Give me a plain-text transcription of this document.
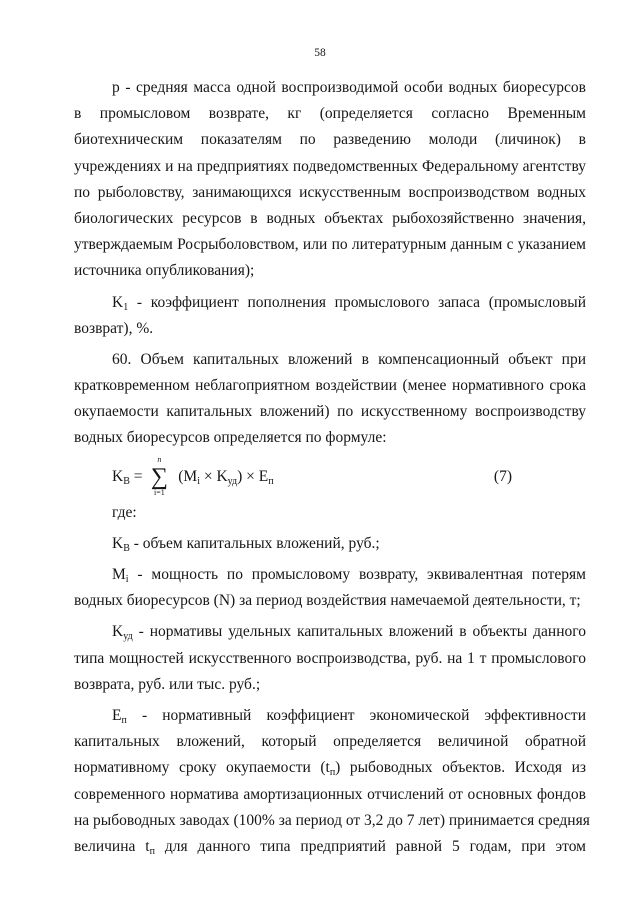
58
р - средняя масса одной воспроизводимой особи водных биоресурсов
в промысловом возврате, кг (определяется согласно Временным
биотехническим показателям по разведению молоди (личинок) в
учреждениях и на предприятиях подведомственных Федеральному агентству
по рыболовству, занимающихся искусственным воспроизводством водных
биологических ресурсов в водных объектах рыбохозяйственно значения,
утверждаемым Росрыболовством, или по литературным данным с указанием
источника опубликования);
$K_1$ - коэффициент пополнения промыслового запаса (промысловый
возврат), %.
60. Объем капитальных вложений в компенсационный объект при
кратковременном неблагоприятном воздействии (менее нормативного срока
окупаемости капитальных вложений) по искусственному воспроизводству
водных биоресурсов определяется по формуле:
$K_B$ =
n
∑
i=1
$(M_i \times K_{уд}) \times E_п$	(7)
где:
$K_B$ - объем капитальных вложений, руб.;
$M_i$ - мощность по промысловому возврату, эквивалентная потерям
водных биоресурсов (N) за период воздействия намечаемой деятельности, т;
$K_{уд}$ - нормативы удельных капитальных вложений в объекты данного
типа мощностей искусственного воспроизводства, руб. на 1 т промыслового
возврата, руб. или тыс. руб.;
$E_п$ - нормативный коэффициент экономической эффективности
капитальных вложений, который определяется величиной обратной
нормативному сроку окупаемости $(t_п)$ рыбоводных объектов. Исходя из
современного норматива амортизационных отчислений от основных фондов
на рыбоводных заводах (100% за период от 3,2 до 7 лет) принимается средняя
величина $t_п$ для данного типа предприятий равной 5 годам, при этом
